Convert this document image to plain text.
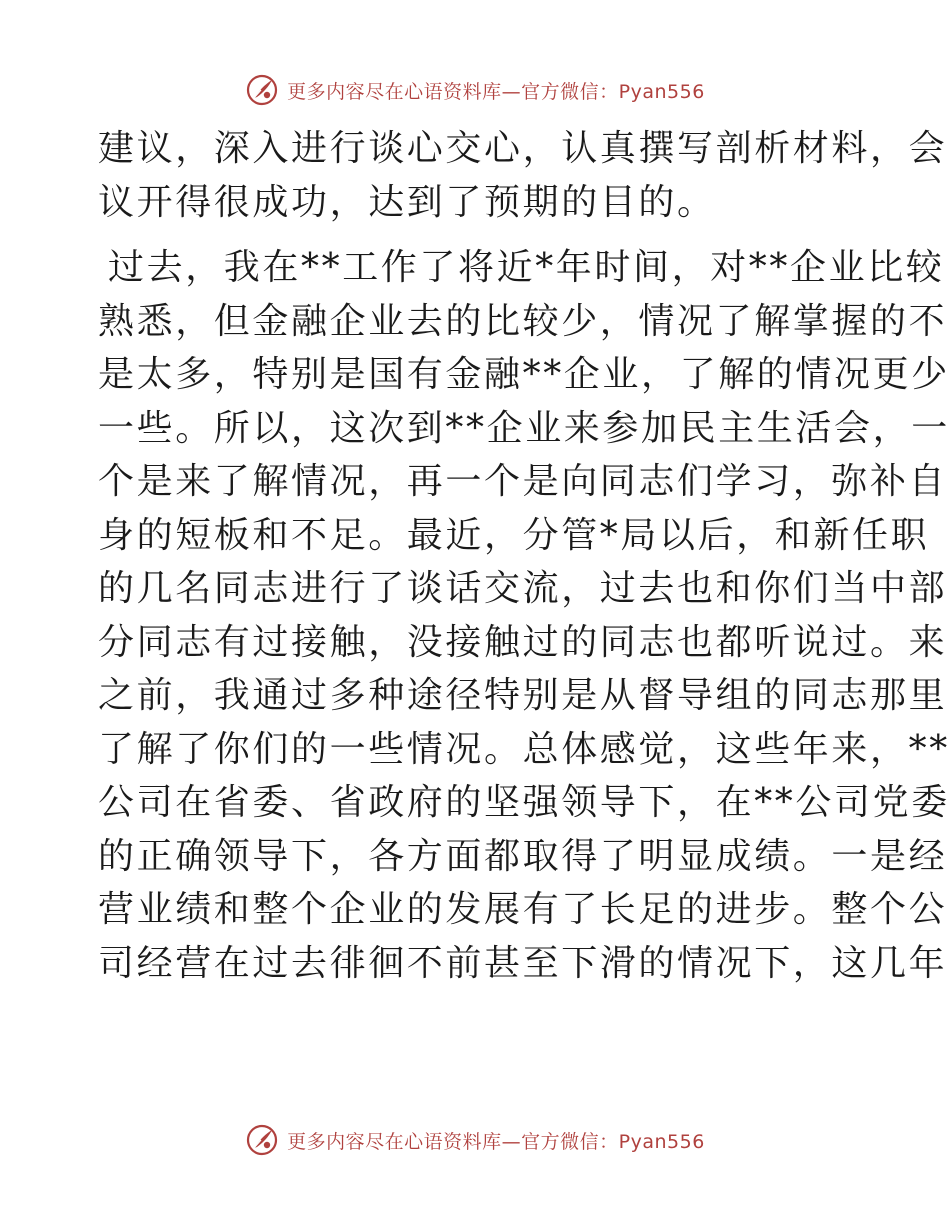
更多内容尽在心语资料库—官方微信：Pyan556
建议，深入进行谈心交心，认真撰写剖析材料，会
议开得很成功，达到了预期的目的。
过去，我在**工作了将近*年时间，对**企业比较
熟悉，但金融企业去的比较少，情况了解掌握的不
是太多，特别是国有金融**企业，了解的情况更少
一些。所以，这次到**企业来参加民主生活会，一
个是来了解情况，再一个是向同志们学习，弥补自
身的短板和不足。最近，分管*局以后，和新任职
的几名同志进行了谈话交流，过去也和你们当中部
分同志有过接触，没接触过的同志也都听说过。来
之前，我通过多种途径特别是从督导组的同志那里
了解了你们的一些情况。总体感觉，这些年来，**
公司在省委、省政府的坚强领导下，在**公司党委
的正确领导下，各方面都取得了明显成绩。一是经
营业绩和整个企业的发展有了长足的进步。整个公
司经营在过去徘徊不前甚至下滑的情况下，这几年
更多内容尽在心语资料库—官方微信：Pyan556
